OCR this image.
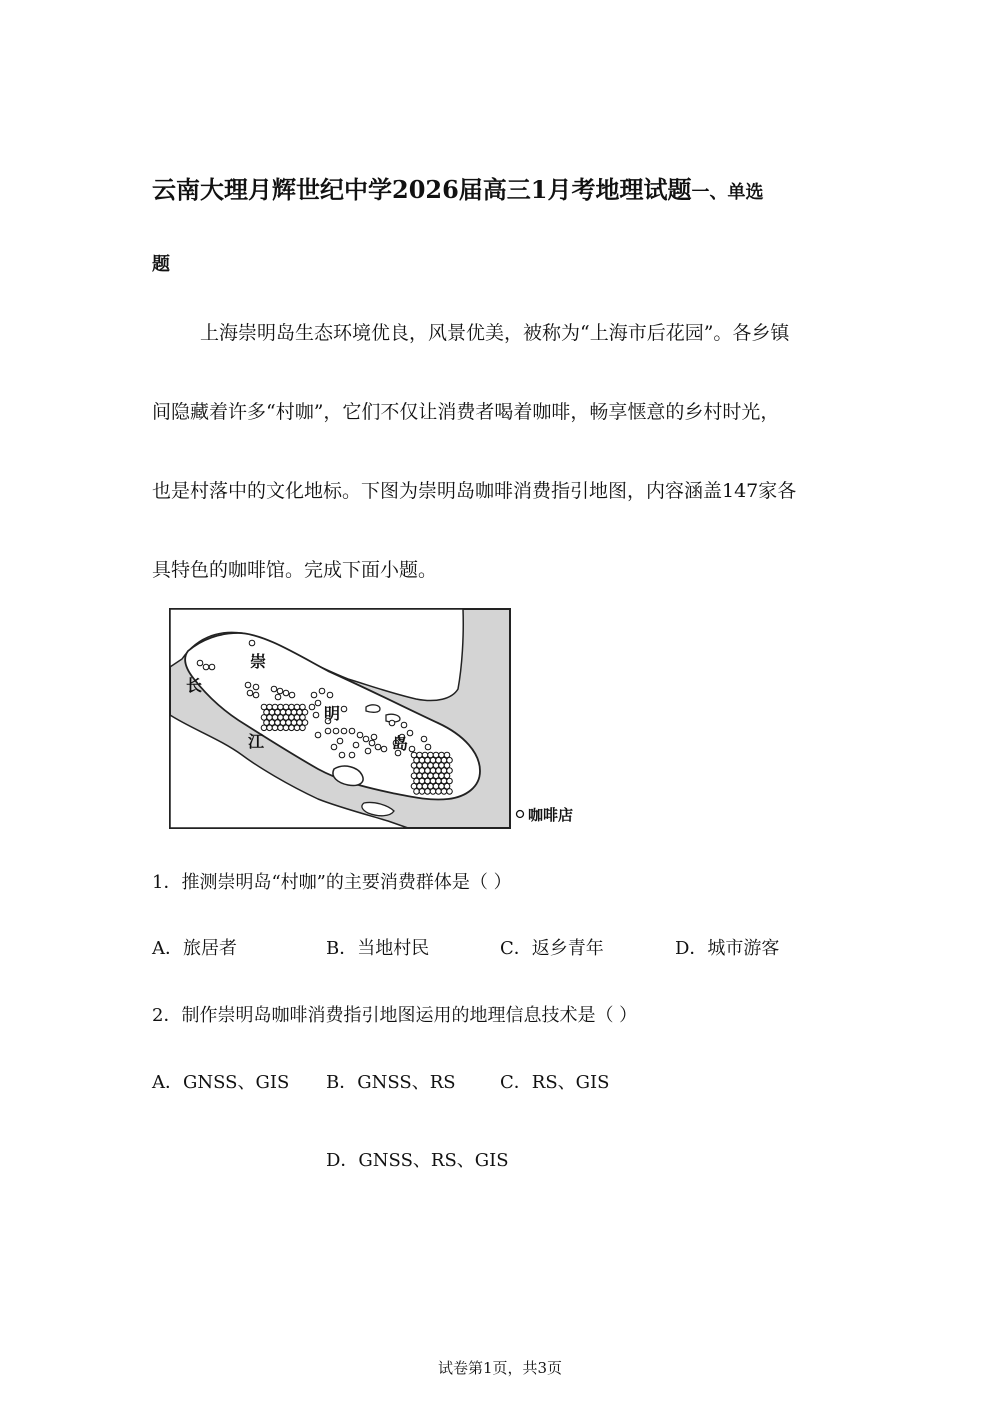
云南大理月辉世纪中学2026届高三1月考地理试题一、单选
题
上海崇明岛生态环境优良，风景优美，被称为“上海市后花园”。各乡镇
间隐藏着许多“村咖”，它们不仅让消费者喝着咖啡，畅享惬意的乡村时光，
也是村落中的文化地标。下图为崇明岛咖啡消费指引地图，内容涵盖147家各
具特色的咖啡馆。完成下面小题。
崇
明
岛
长
江
咖啡店
1．推测崇明岛“村咖”的主要消费群体是（ ）
A．旅居者	B．当地村民	C．返乡青年	D．城市游客
2．制作崇明岛咖啡消费指引地图运用的地理信息技术是（ ）
A．GNSS、GIS B．GNSS、RS C．RS、GIS
D．GNSS、RS、GIS
试卷第1页，共3页
